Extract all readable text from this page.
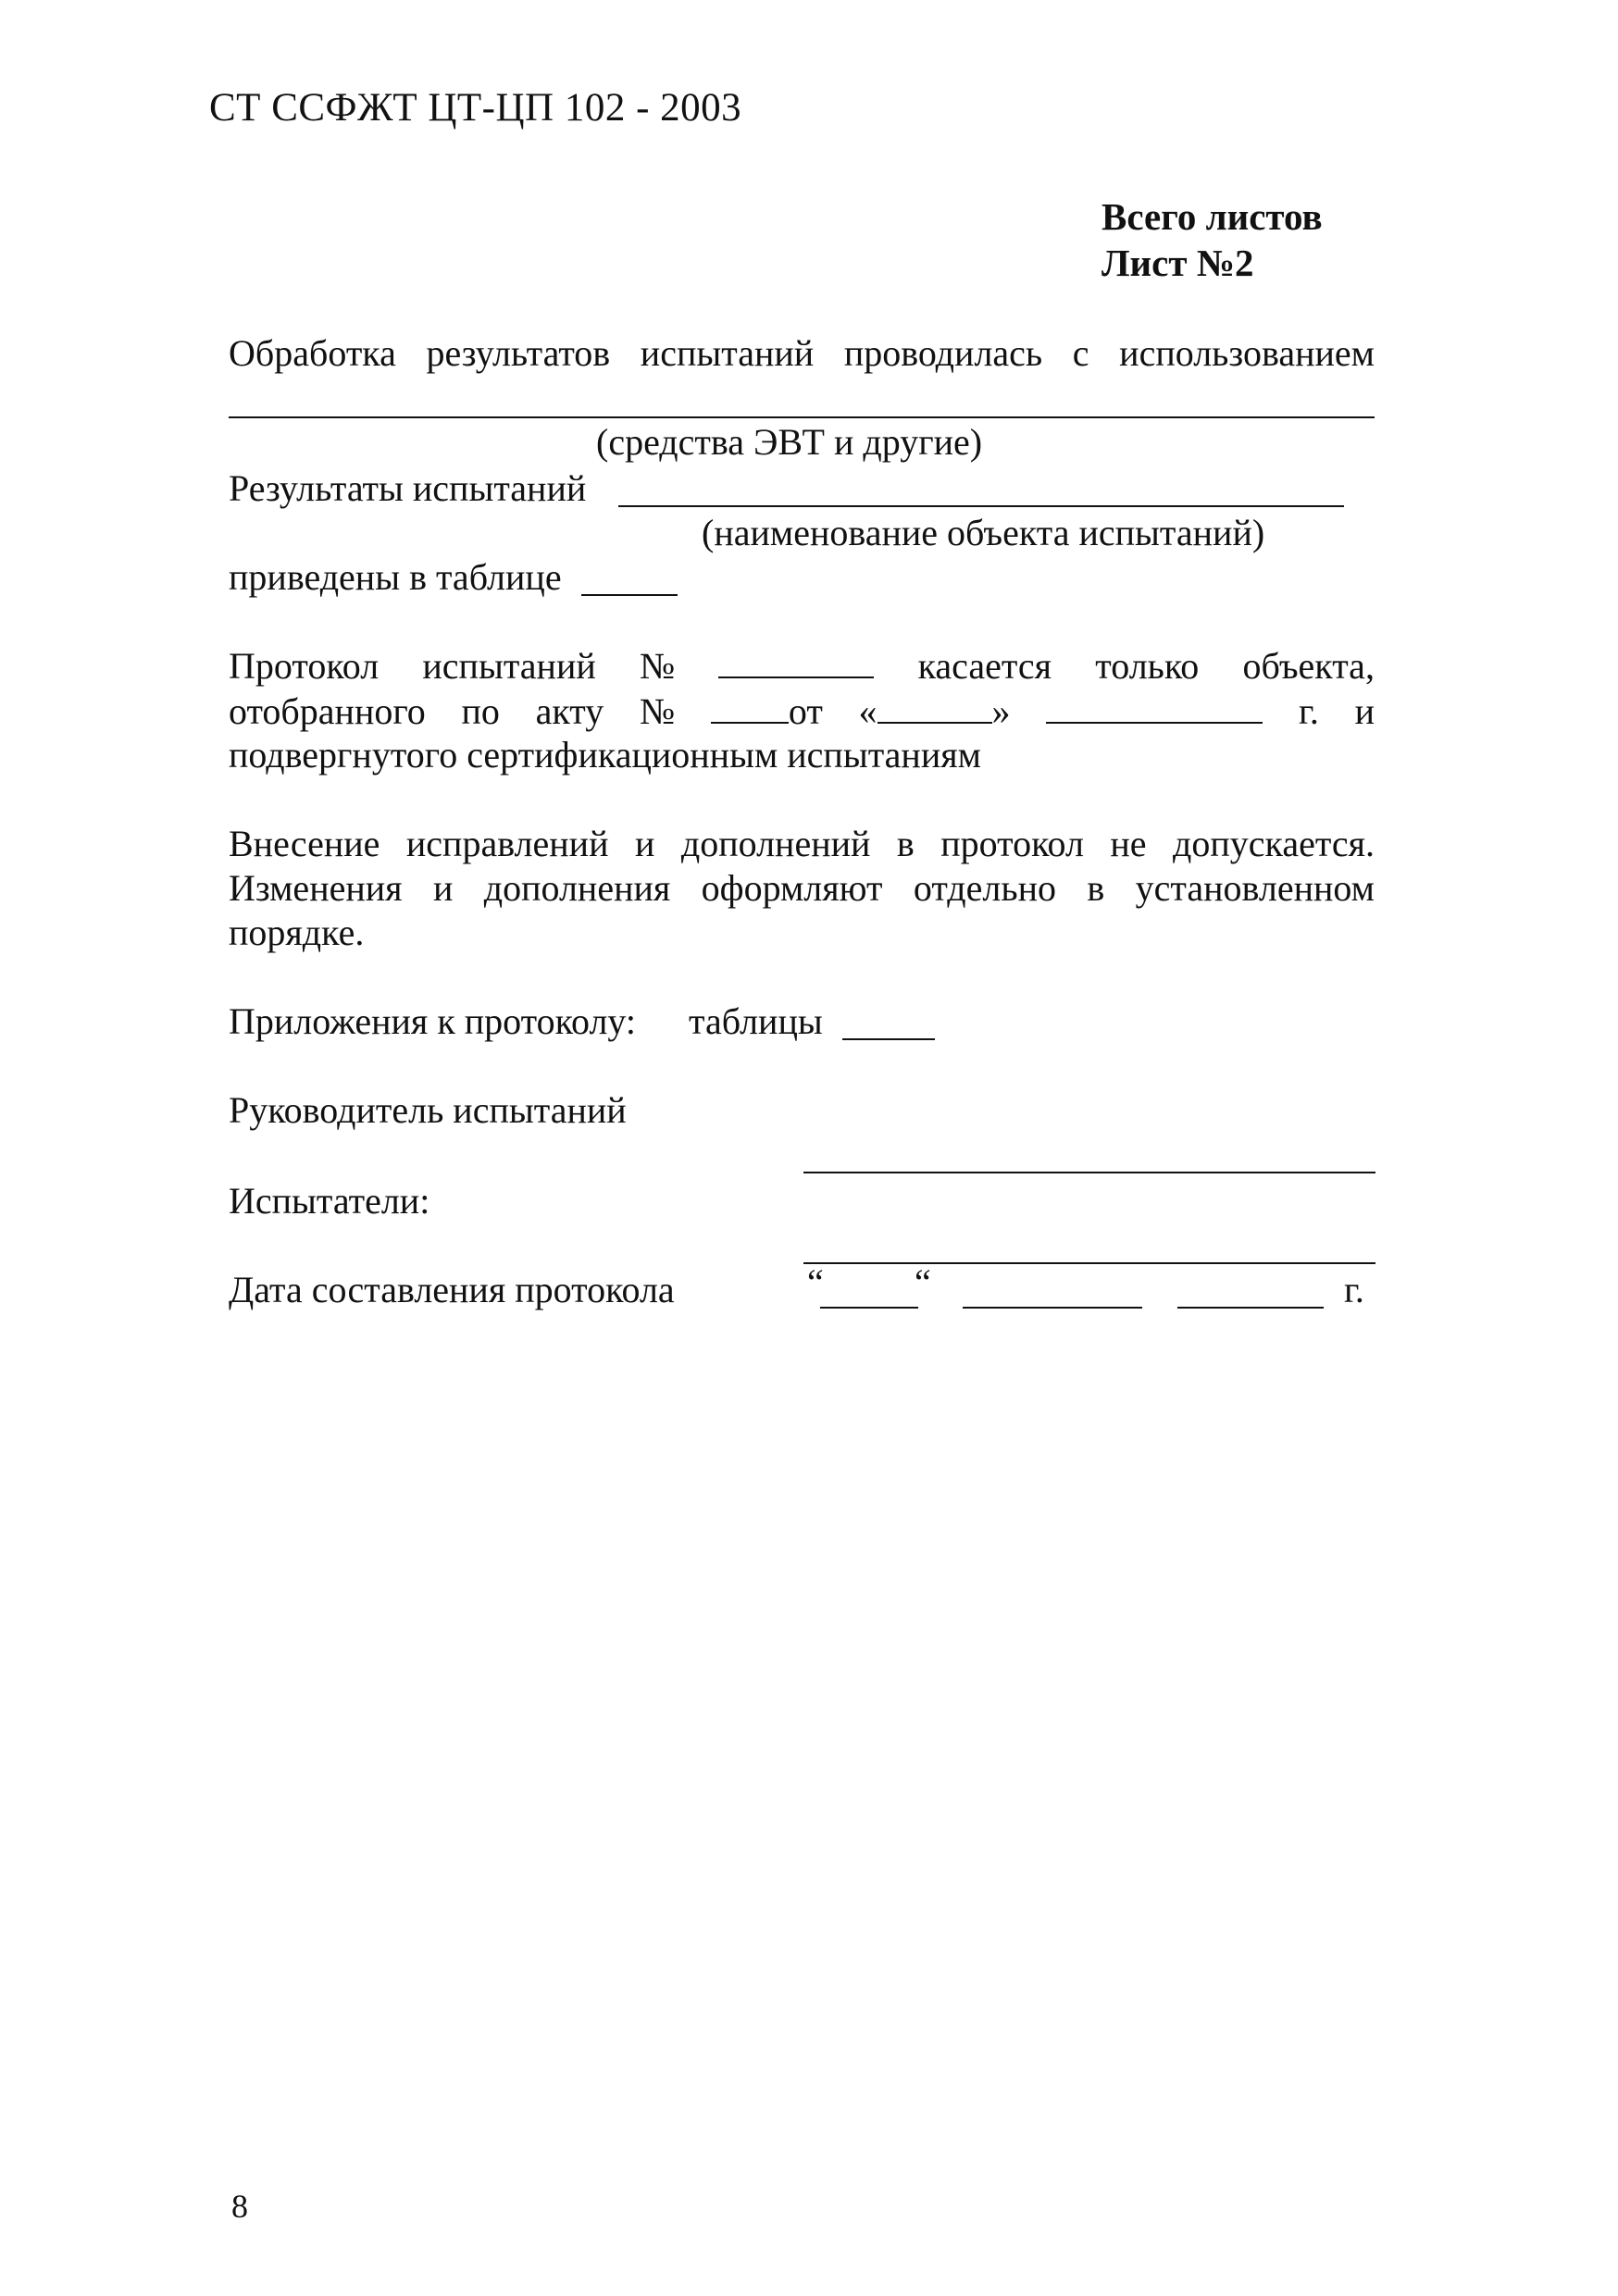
СТ ССФЖТ ЦТ-ЦП 102 - 2003
Всего листов
Лист №2
Обработка результатов испытаний проводилась с использованием
(средства ЭВТ и другие)
Результаты испытаний
(наименование объекта испытаний)
приведены в таблице
Протокол испытаний №	касается только объекта,
отобранного по акту №	от «	»	г. и
подвергнутого сертификационным испытаниям
Внесение исправлений и дополнений в протокол не допускается.
Изменения и дополнения оформляют отдельно в установленном
порядке.
Приложения к протоколу: таблицы
Руководитель испытаний
Испытатели:
Дата составления протокола	“ “	г.
8
